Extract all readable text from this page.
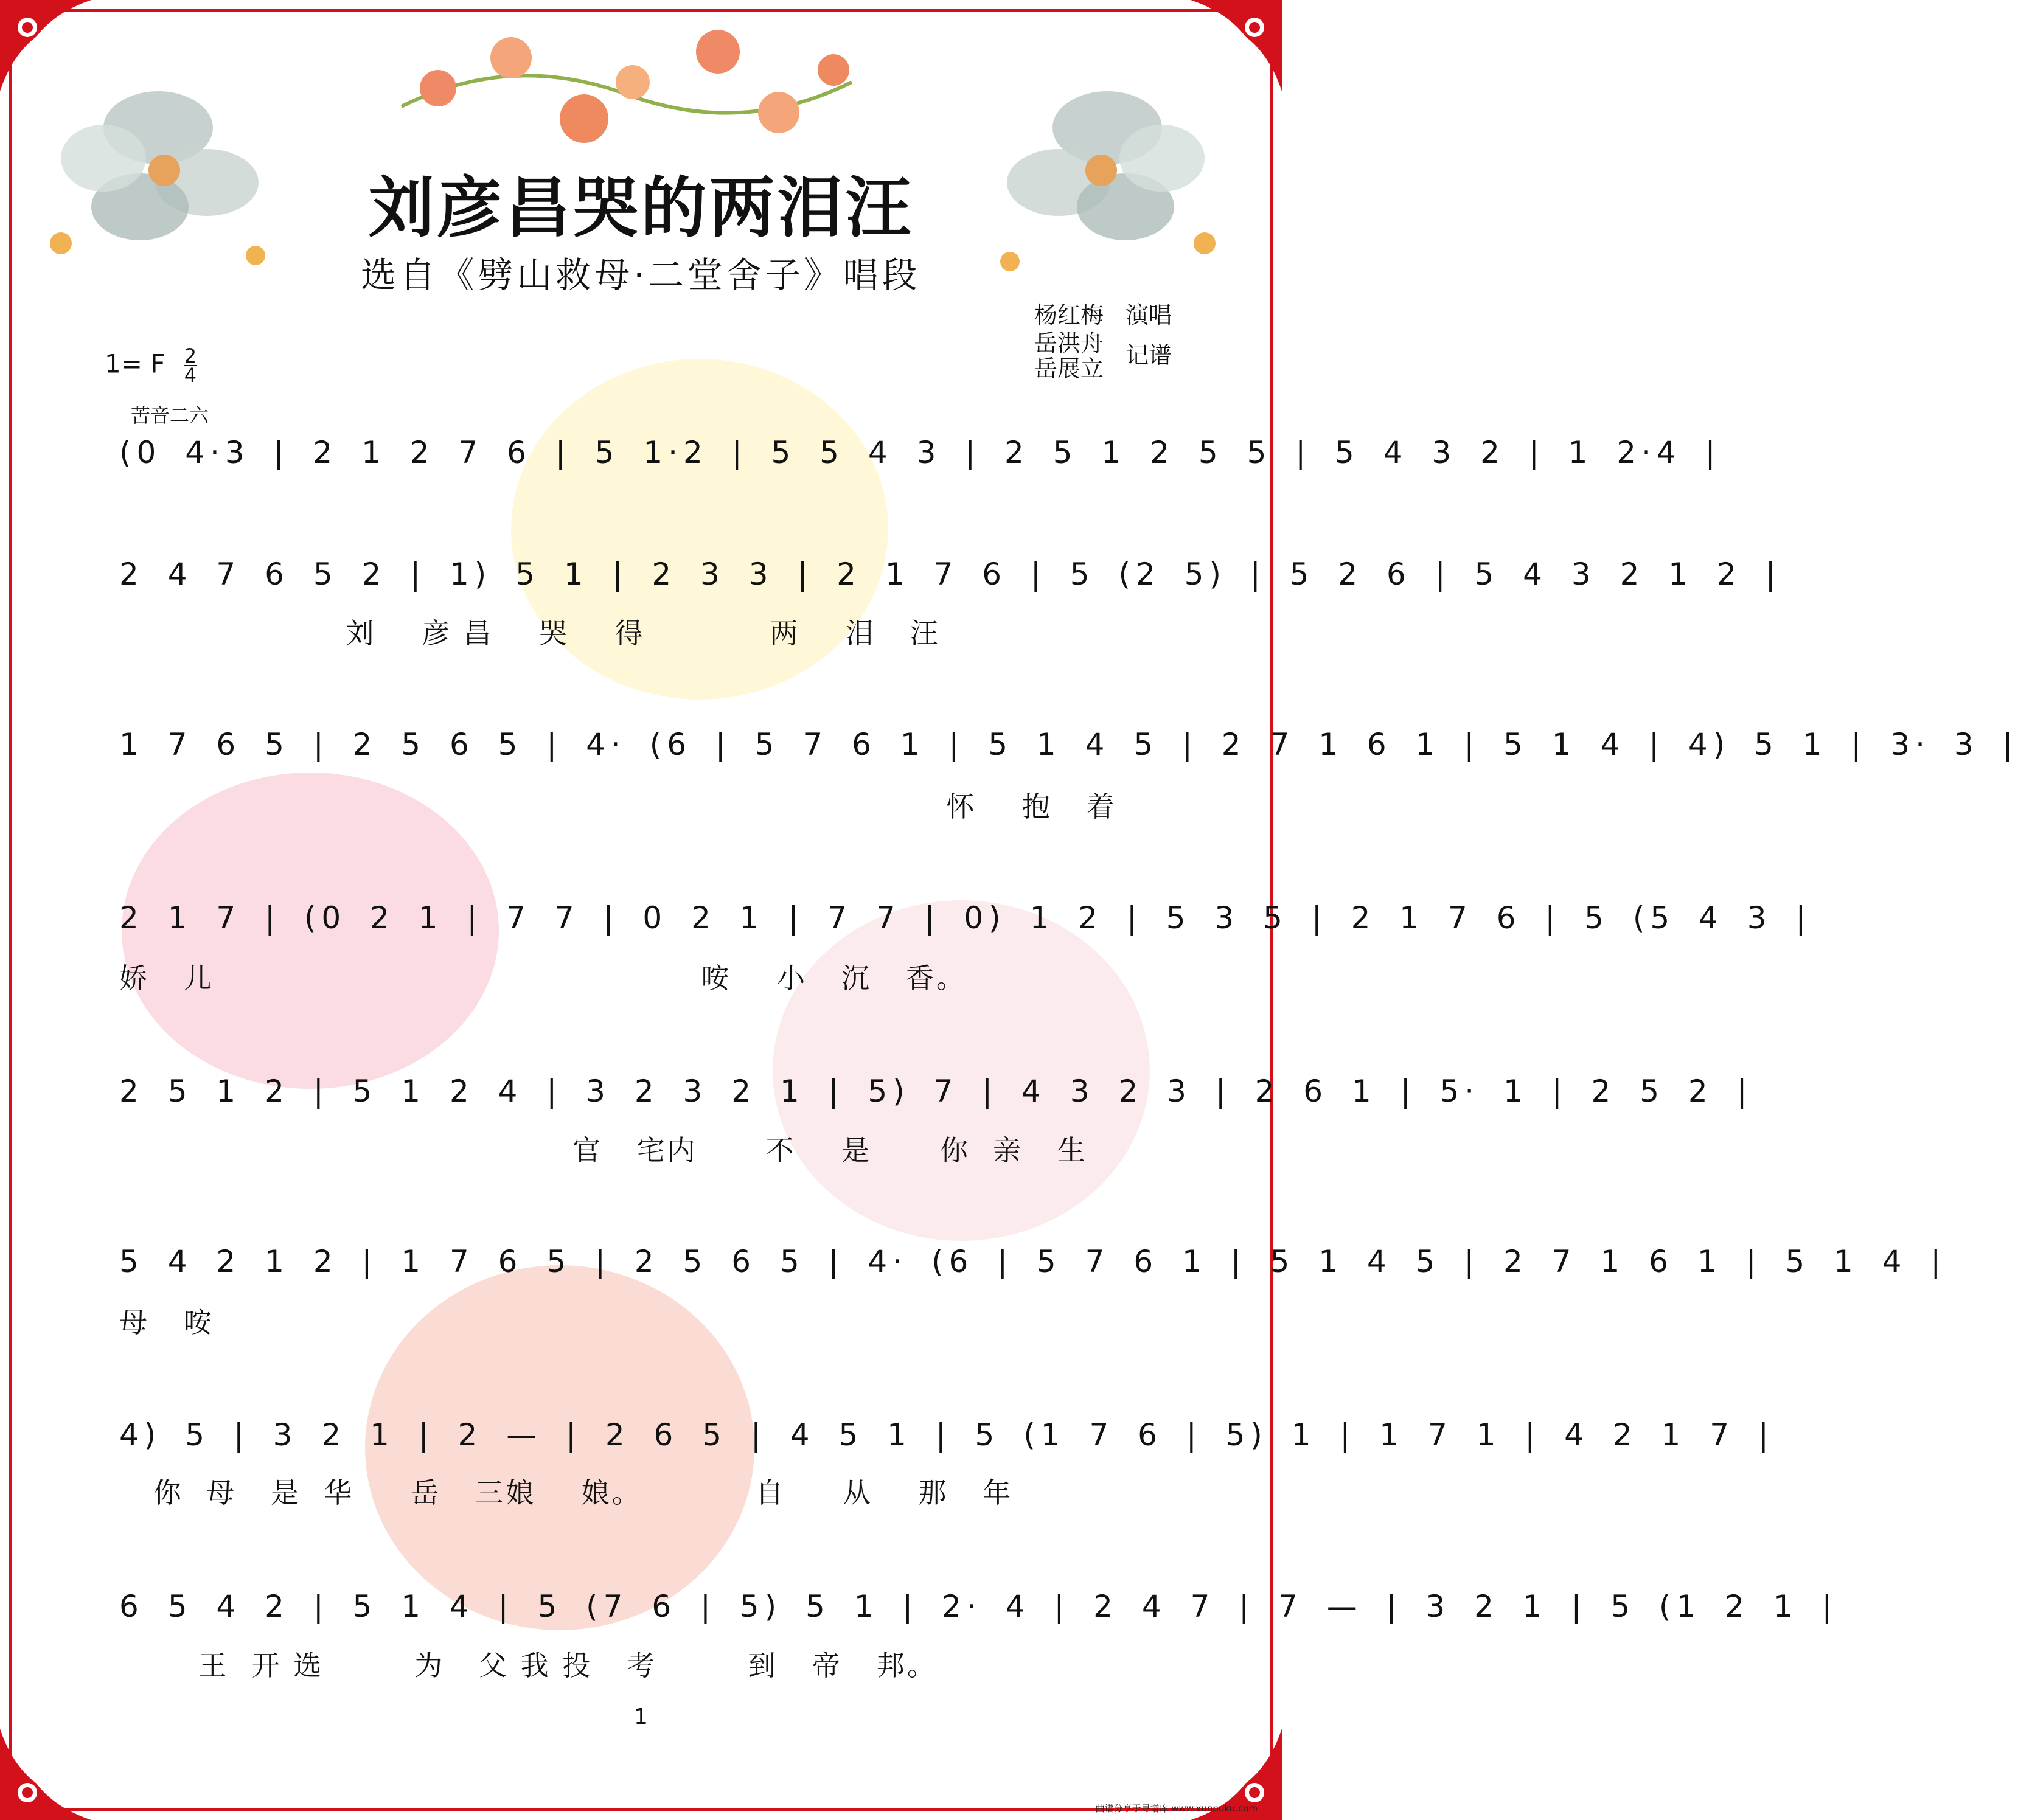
刘彦昌哭的两泪汪
选自《劈山救母·二堂舍子》唱段
杨红梅 演唱
岳洪舟
岳展立 记谱
1= F $\frac{2}{4}$
苦音二六
(0 4·3 | 2 1 2 7 6 | 5 1·2 | 5 5 4 3 | 2 5 1 2 5 5 | 5 4 3 2 | 1 2·4 |
2 4 7 6 5 2 | 1) 5 1 | 2 3 3 | 2 1 7 6 | 5 (2 5) | 5 2 6 | 5 4 3 2 1 2 |
刘    彦 昌    哭    得           两    泪   汪
1 7 6 5 | 2 5 6 5 | 4· (6 | 5 7 6 1 | 5 1 4 5 | 2 7 1 6 1 | 5 1 4 | 4) 5 1 | 3· 3 |
怀    抱   着
2 1 7 | (0 2 1 | 7 7 | 0 2 1 | 7 7 | 0) 1 2 | 5 3 5 | 2 1 7 6 | 5 (5 4 3 |
娇   儿                                           咹    小   沉   香。
2 5 1 2 | 5 1 2 4 | 3 2 3 2 1 | 5) 7 | 4 3 2 3 | 2 6 1 | 5· 1 | 2 5 2 |
官   宅内      不    是      你  亲   生
5 4 2 1 2 | 1 7 6 5 | 2 5 6 5 | 4· (6 | 5 7 6 1 | 5 1 4 5 | 2 7 1 6 1 | 5 1 4 |
母   咹
4) 5 | 3 2 1 | 2 — | 2 6 5 | 4 5 1 | 5 (1 7 6 | 5) 1 | 1 7 1 | 4 2 1 7 |
你  母   是  华     岳   三娘    娘。          自     从    那   年
6 5 4 2 | 5 1 4 | 5 (7 6 | 5) 5 1 | 2· 4 | 2 4 7 | 7 — | 3 2 1 | 5 (1 2 1 |
王  开 选        为   父 我 投   考        到   帝   邦。
1
曲谱分享于寻谱库 www.xunpuku.com
